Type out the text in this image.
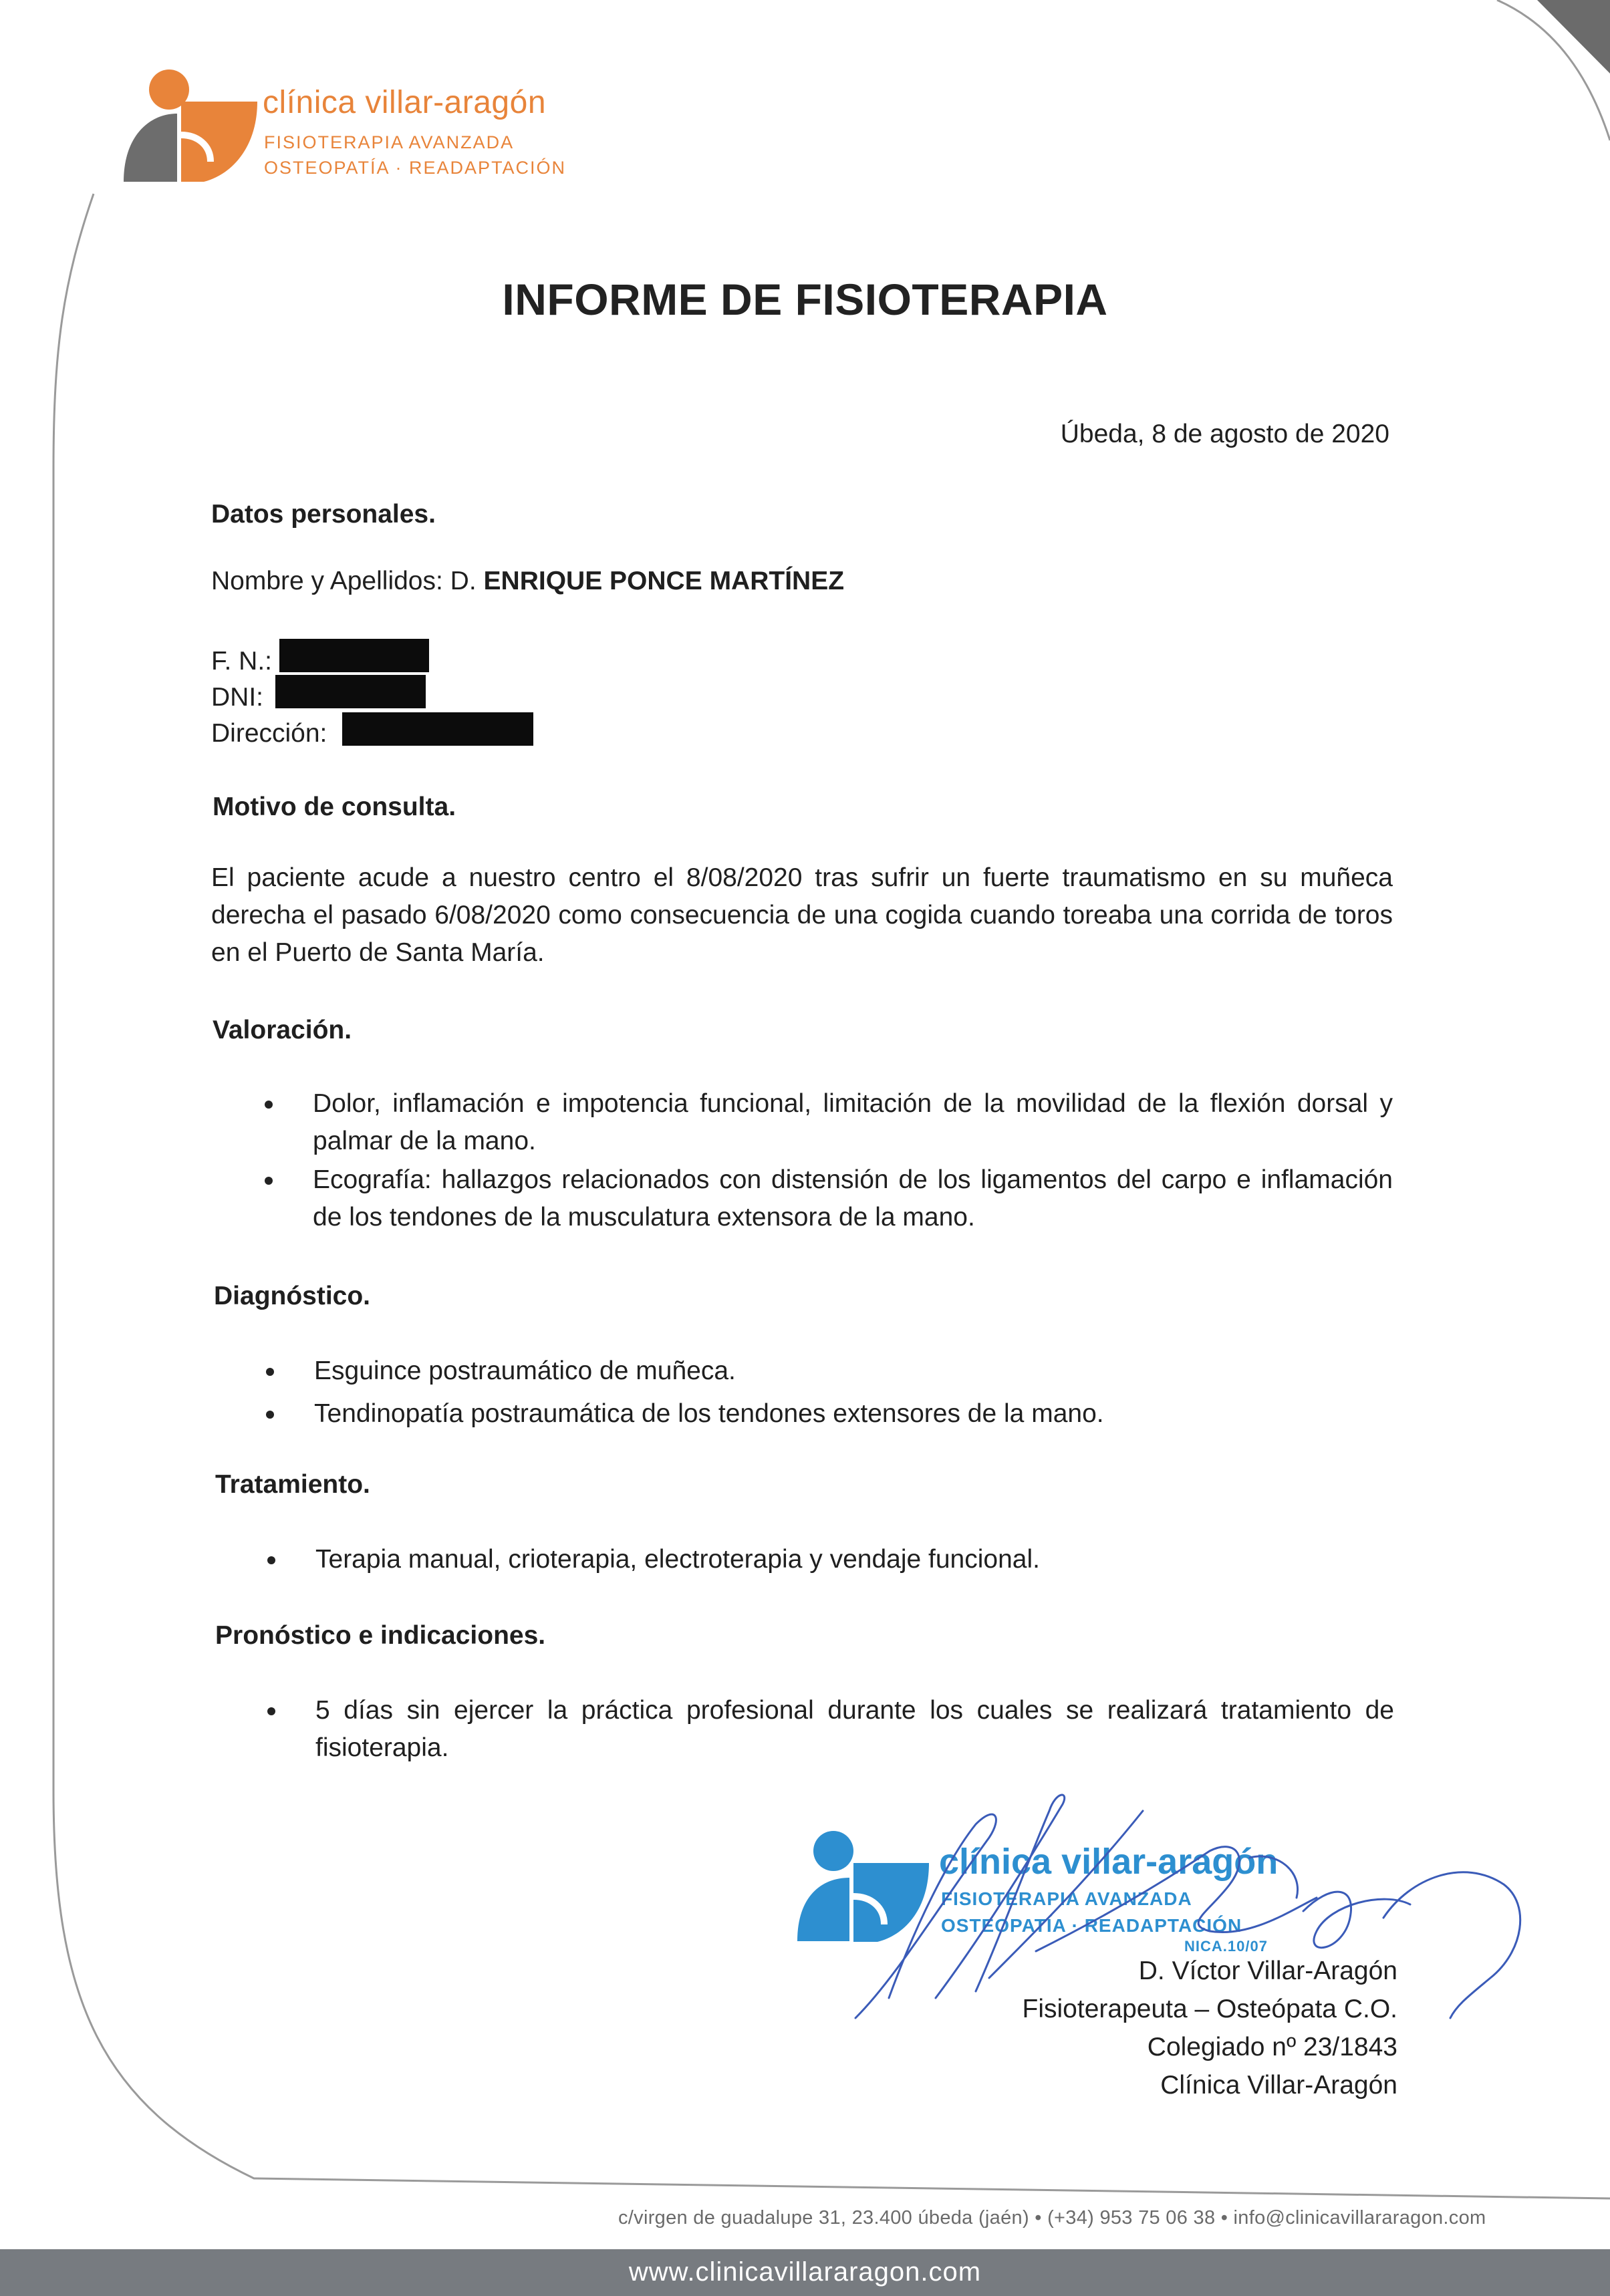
clínica villar-aragón
FISIOTERAPIA AVANZADA
OSTEOPATÍA · READAPTACIÓN
INFORME DE FISIOTERAPIA
Úbeda, 8 de agosto de 2020
Datos personales.
Nombre y Apellidos: D. ENRIQUE PONCE MARTÍNEZ
F. N.:
DNI:
Dirección:
Motivo de consulta.
El paciente acude a nuestro centro el 8/08/2020 tras sufrir un fuerte traumatismo en su muñeca derecha el pasado 6/08/2020 como consecuencia de una cogida cuando toreaba una corrida de toros en el Puerto de Santa María.
Valoración.
Dolor, inflamación e impotencia funcional, limitación de la movilidad de la flexión dorsal y palmar de la mano.
Ecografía: hallazgos relacionados con distensión de los ligamentos del carpo e inflamación de los tendones de la musculatura extensora de la mano.
Diagnóstico.
Esguince postraumático de muñeca.
Tendinopatía postraumática de los tendones extensores de la mano.
Tratamiento.
Terapia manual, crioterapia, electroterapia y vendaje funcional.
Pronóstico e indicaciones.
5 días sin ejercer la práctica profesional durante los cuales se realizará tratamiento de fisioterapia.
clínica villar-aragón
FISIOTERAPIA AVANZADA
OSTEOPATÍA · READAPTACIÓN
NICA.10/07
D. Víctor Villar-Aragón
Fisioterapeuta – Osteópata C.O.
Colegiado nº 23/1843
Clínica Villar-Aragón
c/virgen de guadalupe 31, 23.400 úbeda (jaén) • (+34) 953 75 06 38 • info@clinicavillararagon.com
www.clinicavillararagon.com
